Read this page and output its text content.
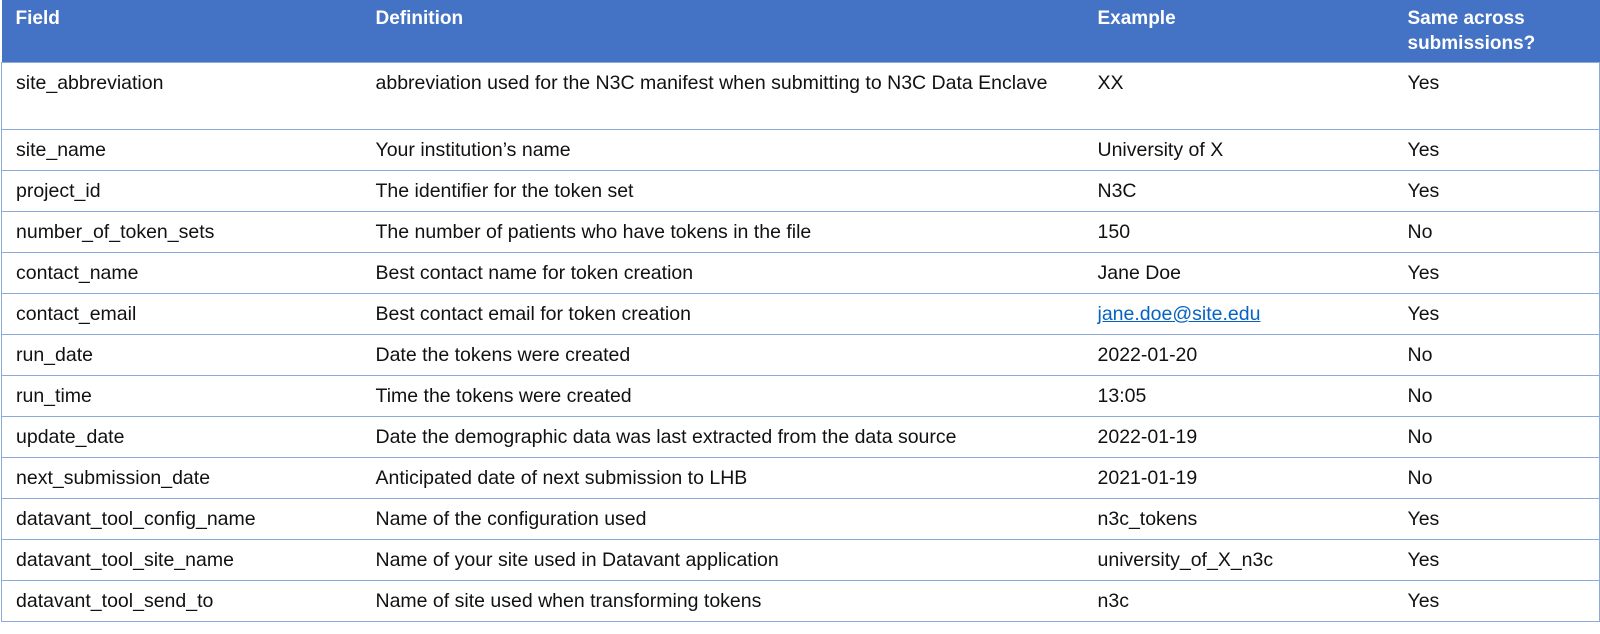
Field	Definition	Example	Same across submissions?
site_abbreviation	abbreviation used for the N3C manifest when submitting to N3C Data Enclave	XX	Yes
site_name	Your institution’s name	University of X	Yes
project_id	The identifier for the token set	N3C	Yes
number_of_token_sets	The number of patients who have tokens in the file	150	No
contact_name	Best contact name for token creation	Jane Doe	Yes
contact_email	Best contact email for token creation	jane.doe@site.edu	Yes
run_date	Date the tokens were created	2022-01-20	No
run_time	Time the tokens were created	13:05	No
update_date	Date the demographic data was last extracted from the data source	2022-01-19	No
next_submission_date	Anticipated date of next submission to LHB	2021-01-19	No
datavant_tool_config_name	Name of the configuration used	n3c_tokens	Yes
datavant_tool_site_name	Name of your site used in Datavant application	university_of_X_n3c	Yes
datavant_tool_send_to	Name of site used when transforming tokens	n3c	Yes
